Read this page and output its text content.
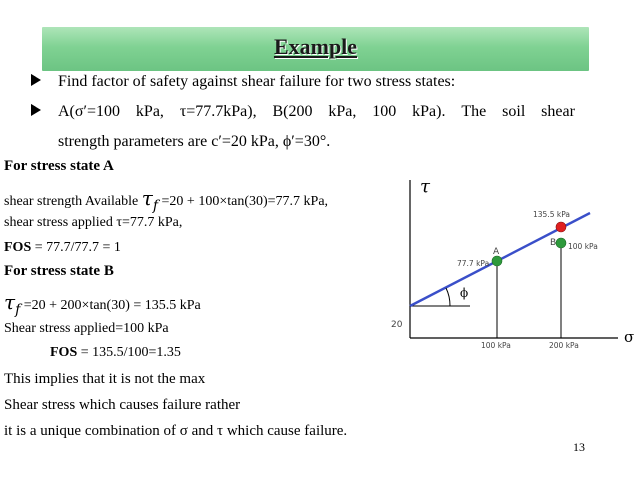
Example
Find factor of safety against shear failure for two stress states:
A(σ′=100 kPa, τ=77.7kPa), B(200 kPa, 100 kPa). The soil shear
strength parameters are c′=20 kPa, ϕ′=30°.
For stress state A
shear strength Available τf =20 + 100×tan(30)=77.7 kPa,
shear stress applied τ=77.7 kPa,
FOS = 77.7/77.7 = 1
For stress state B
τf =20 + 200×tan(30) = 135.5 kPa
Shear stress applied=100 kPa
FOS = 135.5/100=1.35
This implies that it is not the max
Shear stress which causes failure rather
it is a unique combination of σ and τ which cause failure.
τ
σ
20
ϕ
A
B
77.7 kPa
135.5 kPa
100 kPa
100 kPa	200 kPa
13
